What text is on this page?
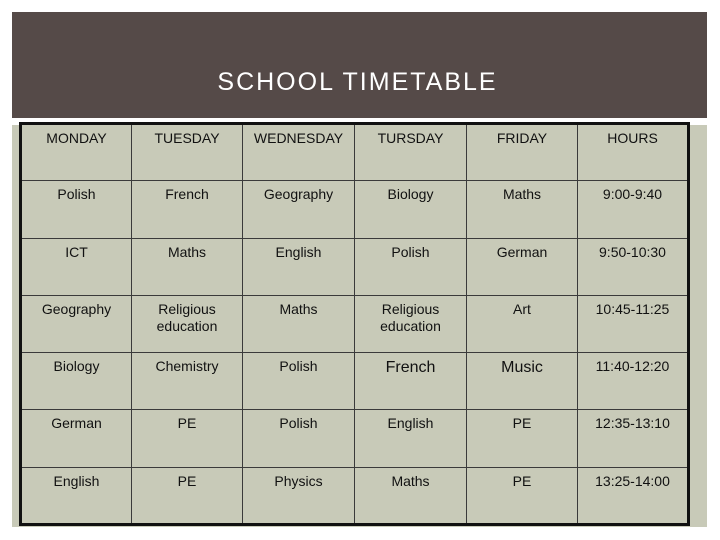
SCHOOL TIMETABLE
MONDAY	TUESDAY	WEDNESDAY	TURSDAY	FRIDAY	HOURS
Polish	French	Geography	Biology	Maths	9:00-9:40
ICT	Maths	English	Polish	German	9:50-10:30
Geography	Religious education	Maths	Religious education	Art	10:45-11:25
Biology	Chemistry	Polish	French	Music	11:40-12:20
German	PE	Polish	English	PE	12:35-13:10
English	PE	Physics	Maths	PE	13:25-14:00
